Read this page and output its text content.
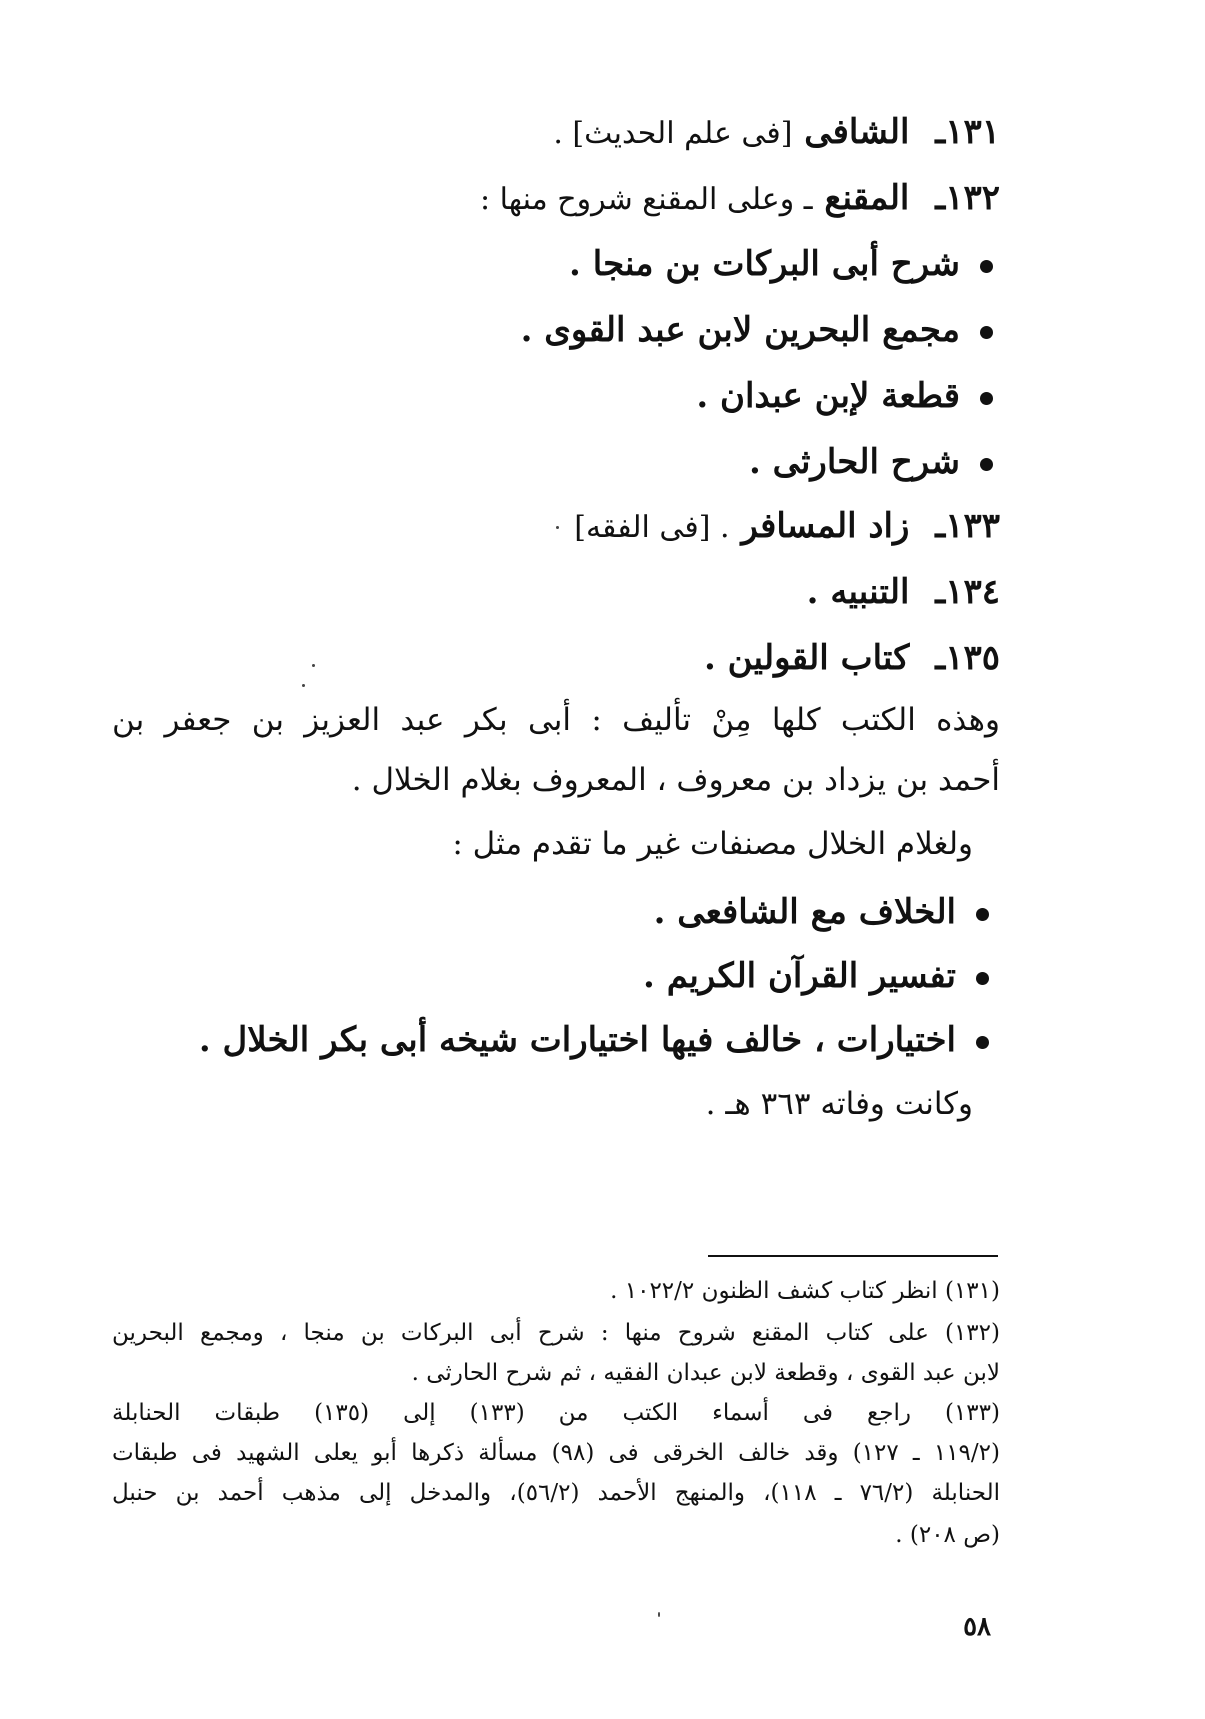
١٣١ـ الشافى [فى علم الحديث] .
١٣٢ـ المقنع ـ وعلى المقنع شروح منها :
شرح أبى البركات بن منجا .
مجمع البحرين لابن عبد القوى .
قطعة لإبن عبدان .
شرح الحارثى .
١٣٣ـ زاد المسافر . [فى الفقه]
١٣٤ـ التنبيه .
١٣٥ـ كتاب القولين .
وهذه الكتب كلها مِنْ تأليف : أبى بكر عبد العزيز بن جعفر بن
أحمد بن يزداد بن معروف ، المعروف بغلام الخلال .
ولغلام الخلال مصنفات غير ما تقدم مثل :
الخلاف مع الشافعى .
تفسير القرآن الكريم .
اختيارات ، خالف فيها اختيارات شيخه أبى بكر الخلال .
وكانت وفاته ٣٦٣ هـ .
(١٣١) انظر كتاب كشف الظنون ١٠٢٢/٢ .
(١٣٢) على كتاب المقنع شروح منها : شرح أبى البركات بن منجا ، ومجمع البحرين
لابن عبد القوى ، وقطعة لابن عبدان الفقيه ، ثم شرح الحارثى .
(١٣٣) راجع فى أسماء الكتب من (١٣٣) إلى (١٣٥) طبقات الحنابلة
(١١٩/٢ ـ ١٢٧) وقد خالف الخرقى فى (٩٨) مسألة ذكرها أبو يعلى الشهيد فى طبقات
الحنابلة (٧٦/٢ ـ ١١٨)، والمنهج الأحمد (٥٦/٢)، والمدخل إلى مذهب أحمد بن حنبل
(ص ٢٠٨) .
٥٨
